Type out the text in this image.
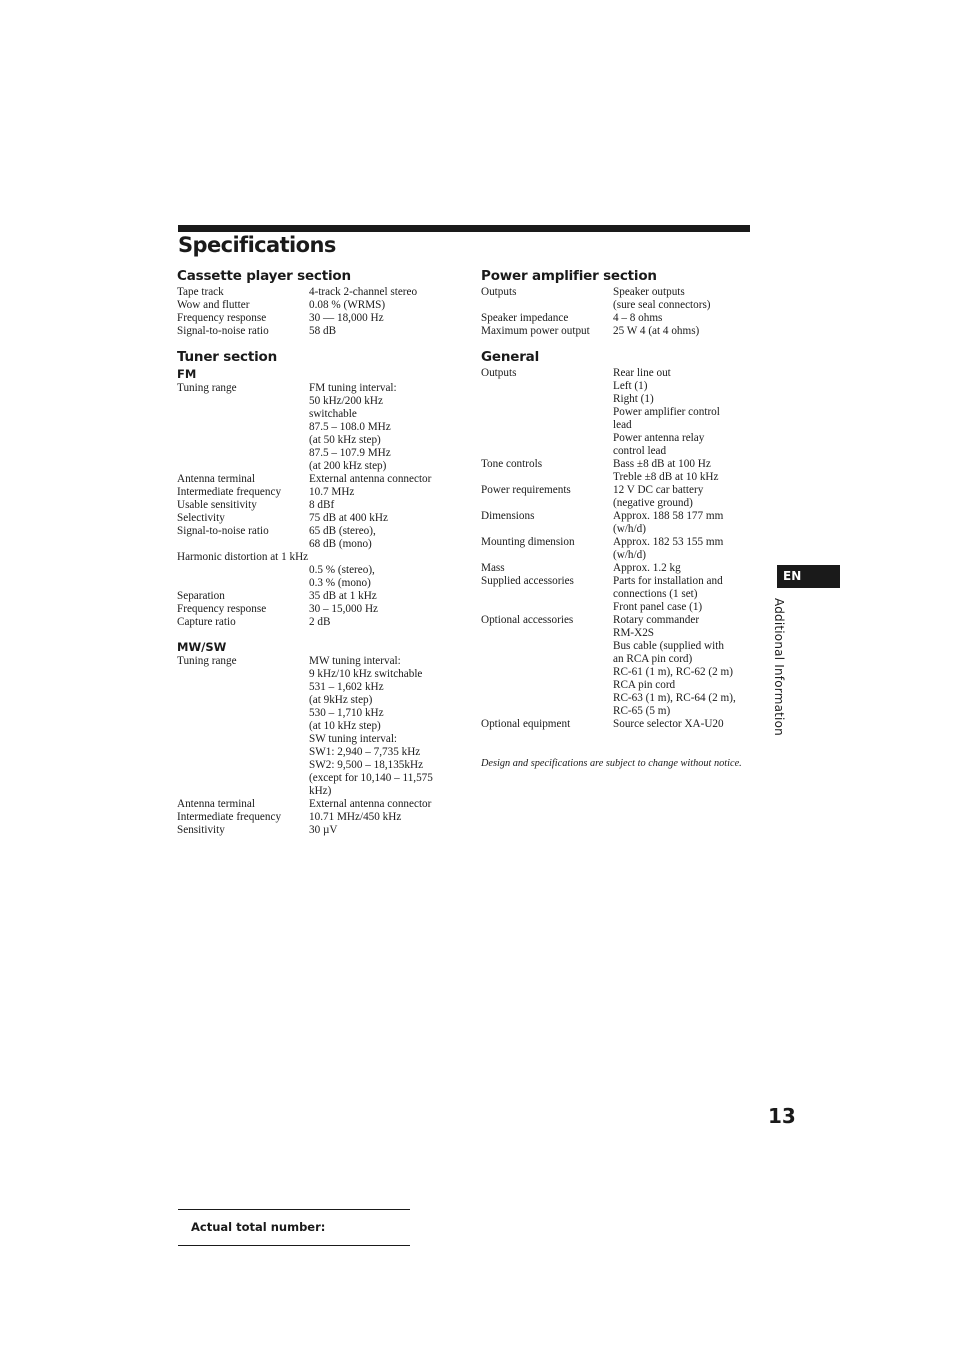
Specifications
Cassette player section
Tape track	4-track 2-channel stereo
Wow and flutter	0.08 % (WRMS)
Frequency response	30 — 18,000 Hz
Signal-to-noise ratio	58 dB
Tuner section
FM
Tuning range	FM tuning interval:
50 kHz/200 kHz
switchable
87.5 – 108.0 MHz
(at 50 kHz step)
87.5 – 107.9 MHz
(at 200 kHz step)
Antenna terminal	External antenna connector
Intermediate frequency	10.7 MHz
Usable sensitivity	8 dBf
Selectivity	75 dB at 400 kHz
Signal-to-noise ratio	65 dB (stereo),
68 dB (mono)
Harmonic distortion at 1 kHz
0.5 % (stereo),
0.3 % (mono)
Separation	35 dB at 1 kHz
Frequency response	30 – 15,000 Hz
Capture ratio	2 dB
MW/SW
Tuning range	MW tuning interval:
9 kHz/10 kHz switchable
531 – 1,602 kHz
(at 9kHz step)
530 – 1,710 kHz
(at 10 kHz step)
SW tuning interval:
SW1: 2,940 – 7,735 kHz
SW2: 9,500 – 18,135kHz
(except for 10,140 – 11,575
kHz)
Antenna terminal	External antenna connector
Intermediate frequency	10.71 MHz/450 kHz
Sensitivity	30 µV
Power amplifier section
Outputs	Speaker outputs
(sure seal connectors)
Speaker impedance	4 – 8 ohms
Maximum power output	25 W 4 (at 4 ohms)
General
Outputs	Rear line out
Left (1)
Right (1)
Power amplifier control
lead
Power antenna relay
control lead
Tone controls	Bass ±8 dB at 100 Hz
Treble ±8 dB at 10 kHz
Power requirements	12 V DC car battery
(negative ground)
Dimensions	Approx. 188 58 177 mm
(w/h/d)
Mounting dimension	Approx. 182 53 155 mm
(w/h/d)
Mass	Approx. 1.2 kg
Supplied accessories	Parts for installation and
connections (1 set)
Front panel case (1)
Optional accessories	Rotary commander
RM-X2S
Bus cable (supplied with
an RCA pin cord)
RC-61 (1 m), RC-62 (2 m)
RCA pin cord
RC-63 (1 m), RC-64 (2 m),
RC-65 (5 m)
Optional equipment	Source selector XA-U20
Design and specifications are subject to change without notice.
EN
Additional Information
13
Actual total number:
